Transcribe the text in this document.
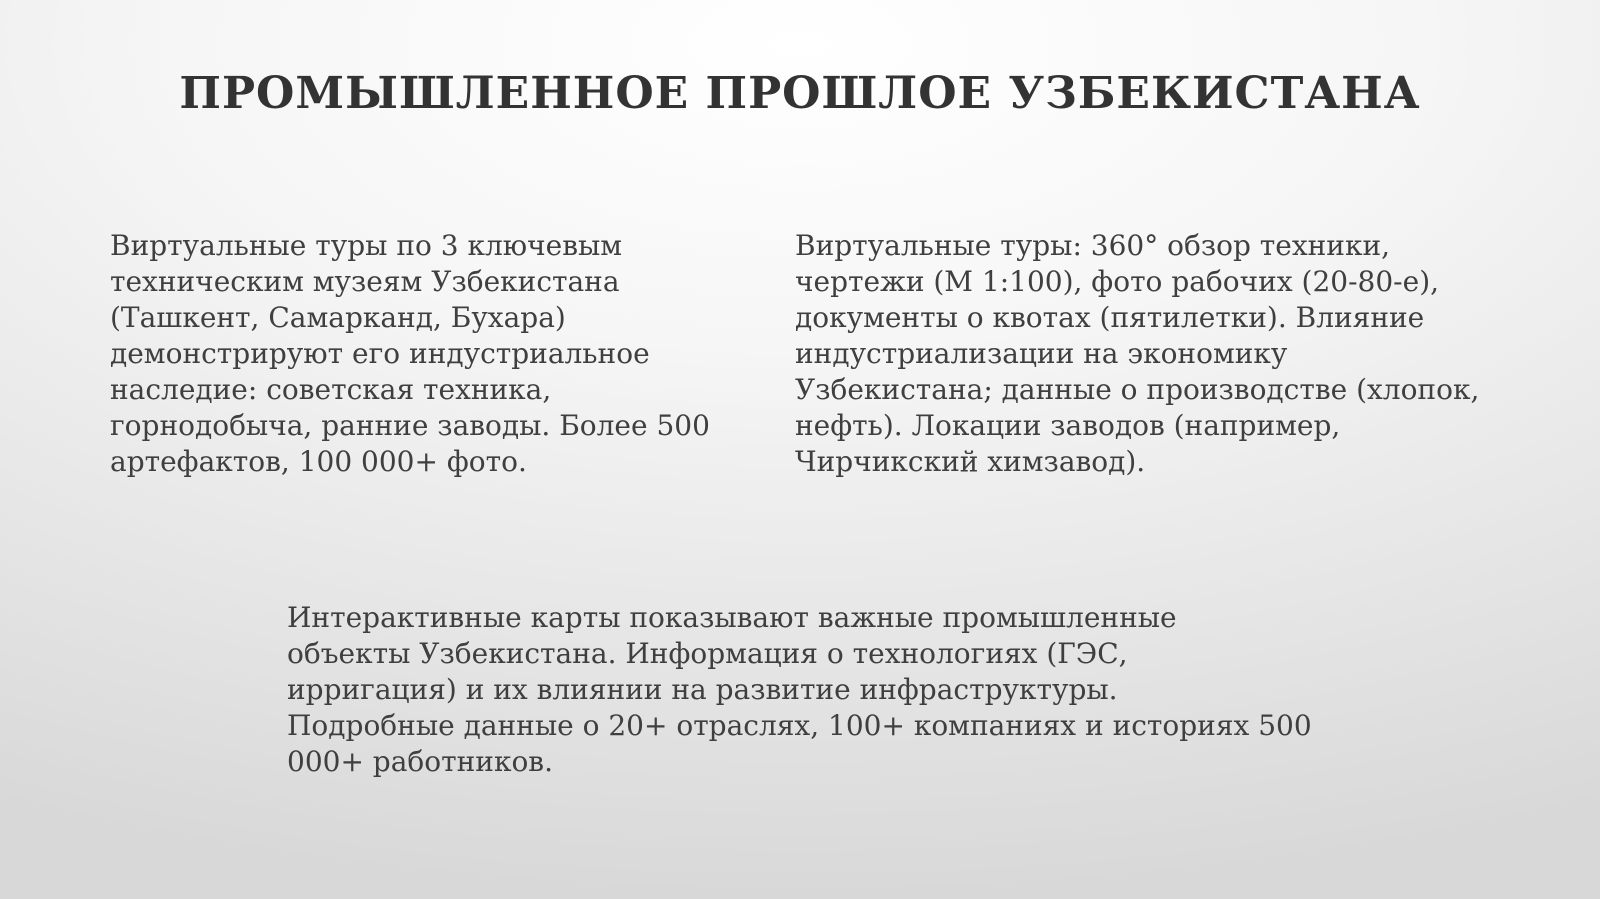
ПРОМЫШЛЕННОЕ ПРОШЛОЕ УЗБЕКИСТАНА

Виртуальные туры по 3 ключевым
техническим музеям Узбекистана
(Ташкент, Самарканд, Бухара)
демонстрируют его индустриальное
наследие: советская техника,
горнодобыча, ранние заводы. Более 500
артефактов, 100 000+ фото.

Виртуальные туры: 360° обзор техники,
чертежи (М 1:100), фото рабочих (20-80-е),
документы о квотах (пятилетки). Влияние
индустриализации на экономику
Узбекистана; данные о производстве (хлопок,
нефть). Локации заводов (например,
Чирчикский химзавод).

Интерактивные карты показывают важные промышленные
объекты Узбекистана. Информация о технологиях (ГЭС,
ирригация) и их влиянии на развитие инфраструктуры.
Подробные данные о 20+ отраслях, 100+ компаниях и историях 500
000+ работников.
